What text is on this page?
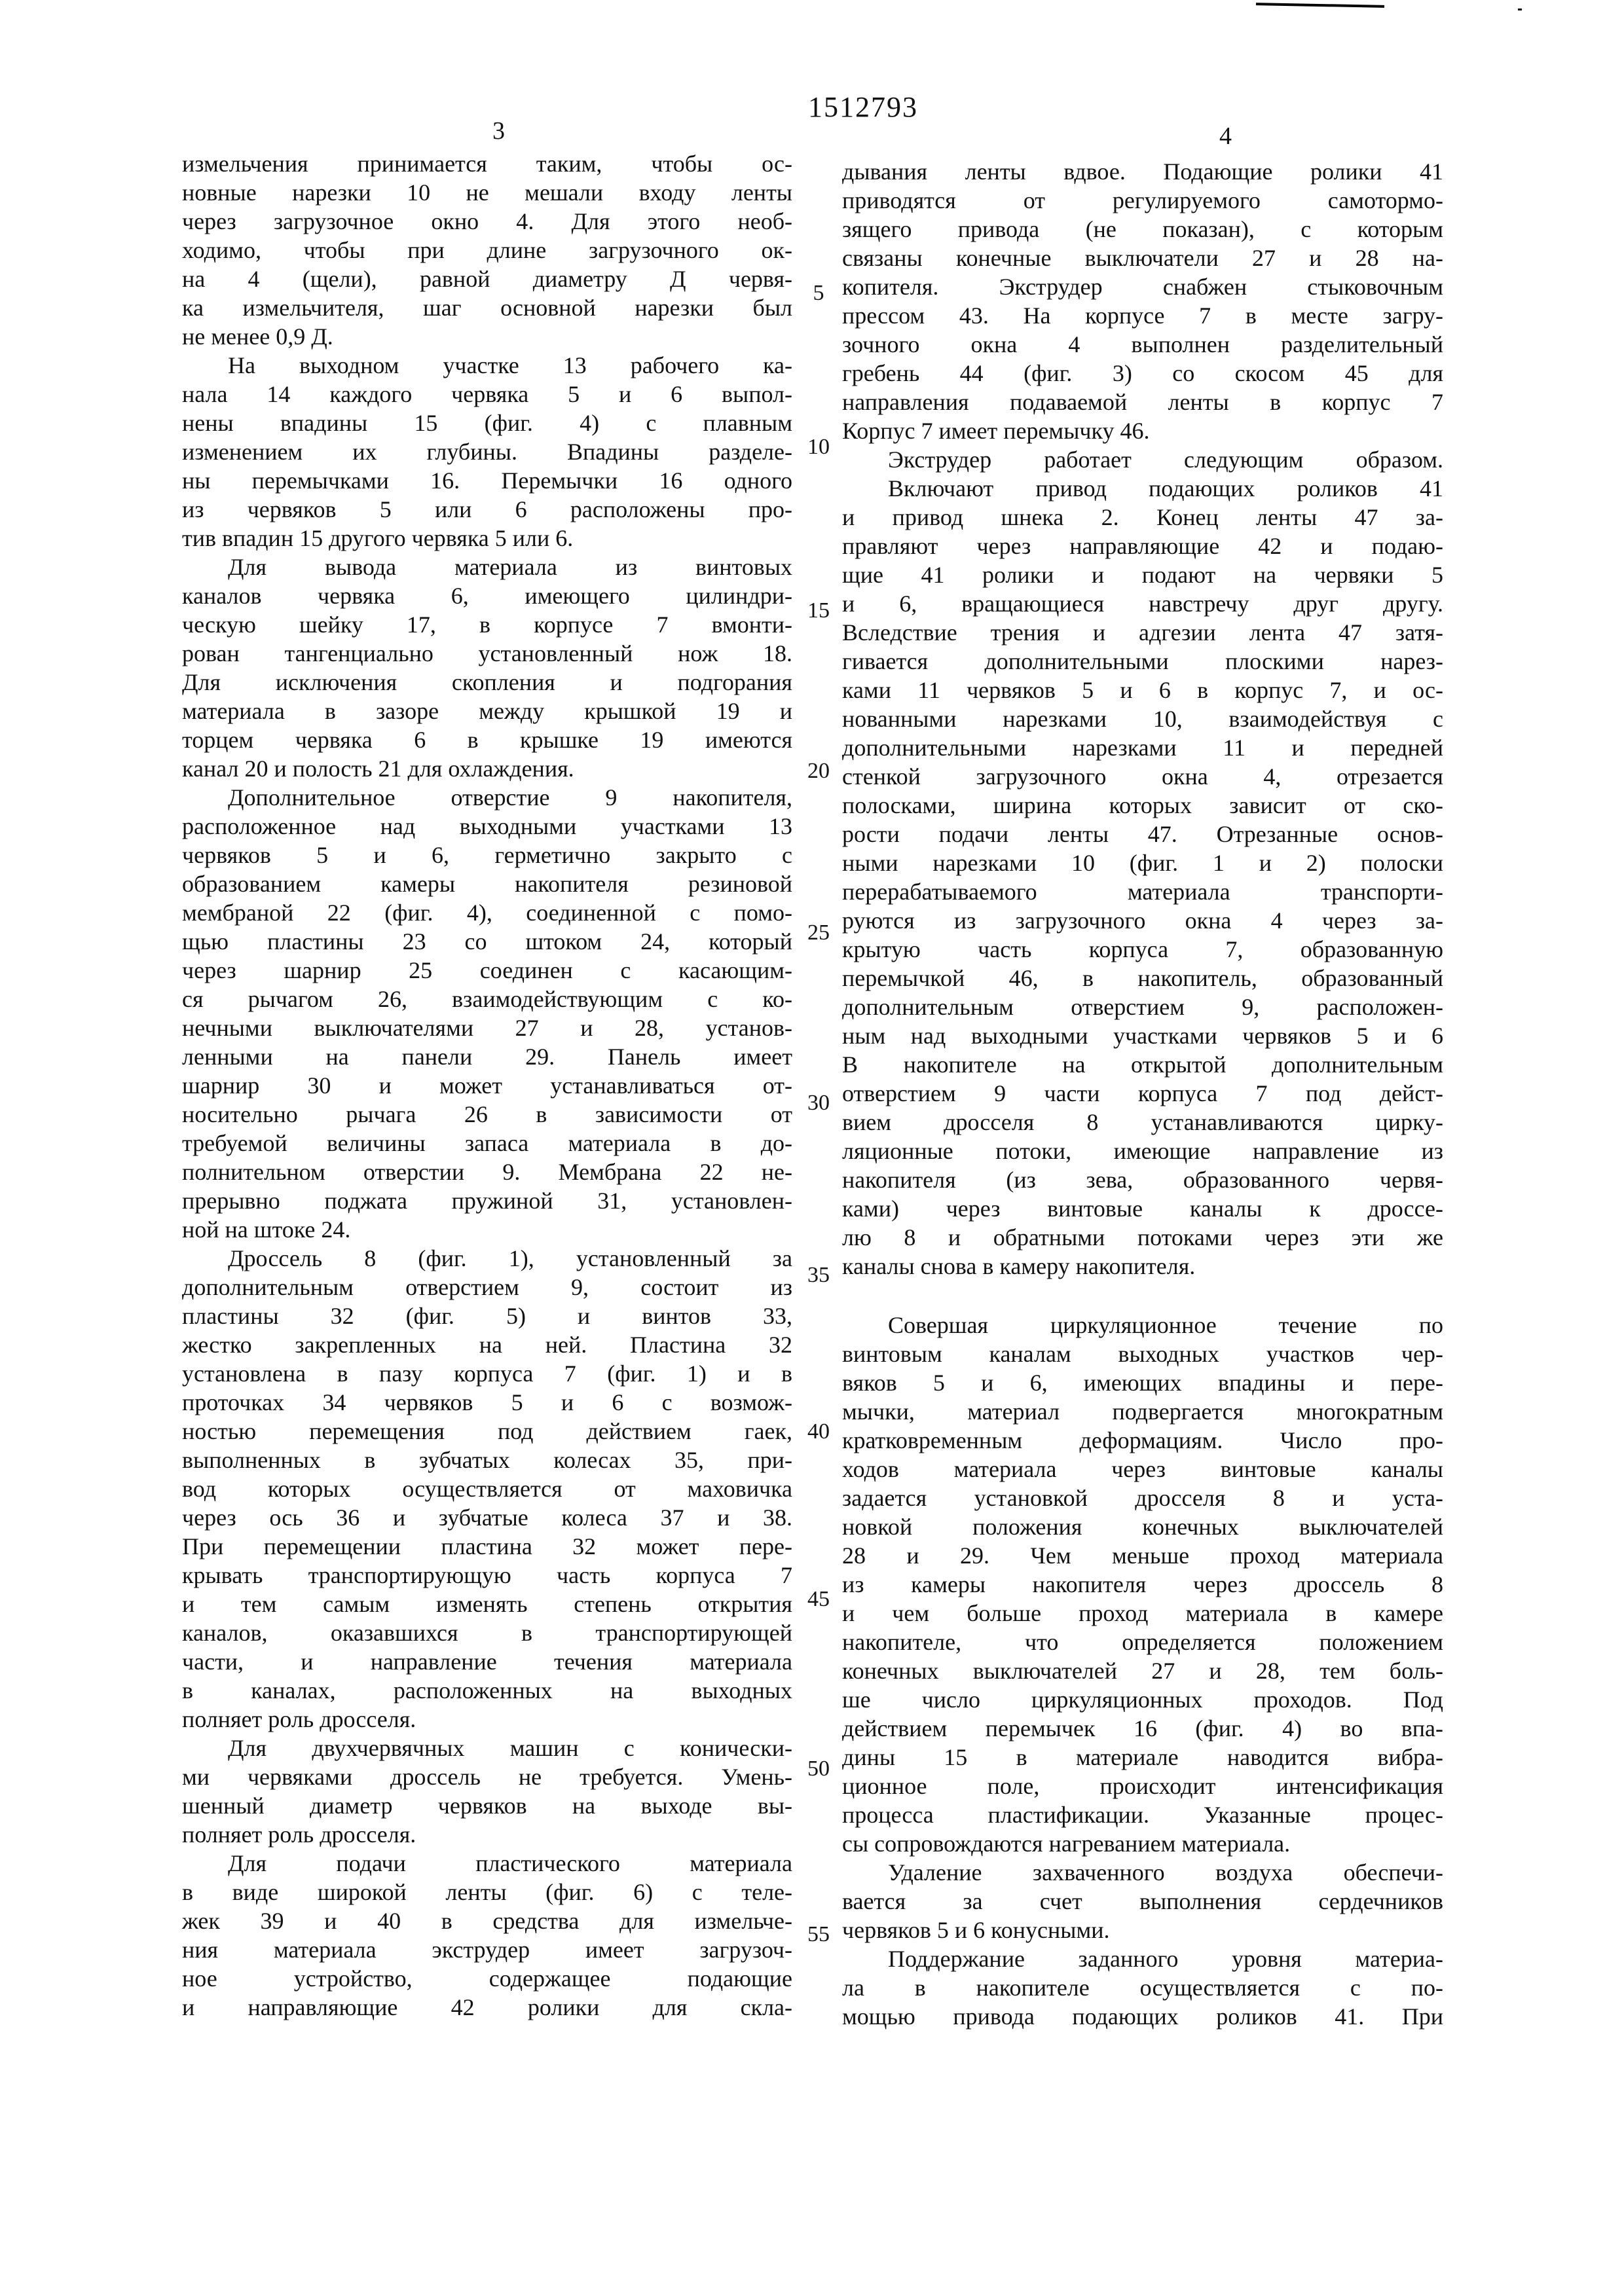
1512793
3	4
измельчения принимается таким, чтобы ос-
новные нарезки 10 не мешали входу ленты
через загрузочное окно 4. Для этого необ-
ходимо, чтобы при длине загрузочного ок-
на 4 (щели), равной диаметру Д червя-
ка измельчителя, шаг основной нарезки был
не менее 0,9 Д.
На выходном участке 13 рабочего ка-
нала 14 каждого червяка 5 и 6 выпол-
нены впадины 15 (фиг. 4) с плавным
изменением их глубины. Впадины разделе-
ны перемычками 16. Перемычки 16 одного
из червяков 5 или 6 расположены про-
тив впадин 15 другого червяка 5 или 6.
Для вывода материала из винтовых
каналов червяка 6, имеющего цилиндри-
ческую шейку 17, в корпусе 7 вмонти-
рован тангенциально установленный нож 18.
Для исключения скопления и подгорания
материала в зазоре между крышкой 19 и
торцем червяка 6 в крышке 19 имеются
канал 20 и полость 21 для охлаждения.
Дополнительное отверстие 9 накопителя,
расположенное над выходными участками 13
червяков 5 и 6, герметично закрыто с
образованием камеры накопителя резиновой
мембраной 22 (фиг. 4), соединенной с помо-
щью пластины 23 со штоком 24, который
через шарнир 25 соединен с касающим-
ся рычагом 26, взаимодействующим с ко-
нечными выключателями 27 и 28, установ-
ленными на панели 29. Панель имеет
шарнир 30 и может устанавливаться от-
носительно рычага 26 в зависимости от
требуемой величины запаса материала в до-
полнительном отверстии 9. Мембрана 22 не-
прерывно поджата пружиной 31, установлен-
ной на штоке 24.
Дроссель 8 (фиг. 1), установленный за
дополнительным отверстием 9, состоит из
пластины 32 (фиг. 5) и винтов 33,
жестко закрепленных на ней. Пластина 32
установлена в пазу корпуса 7 (фиг. 1) и в
проточках 34 червяков 5 и 6 с возмож-
ностью перемещения под действием гаек,
выполненных в зубчатых колесах 35, при-
вод которых осуществляется от маховичка
через ось 36 и зубчатые колеса 37 и 38.
При перемещении пластина 32 может пере-
крывать транспортирующую часть корпуса 7
и тем самым изменять степень открытия
каналов, оказавшихся в транспортирующей
части, и направление течения материала
в каналах, расположенных на выходных
полняет роль дросселя.
Для двухчервячных машин с конически-
ми червяками дроссель не требуется. Умень-
шенный диаметр червяков на выходе вы-
полняет роль дросселя.
Для подачи пластического материала
в виде широкой ленты (фиг. 6) с теле-
жек 39 и 40 в средства для измельче-
ния материала экструдер имеет загрузоч-
ное устройство, содержащее подающие
и направляющие 42 ролики для скла-
дывания ленты вдвое. Подающие ролики 41
приводятся от регулируемого самотормо-
зящего привода (не показан), с которым
связаны конечные выключатели 27 и 28 на-
копителя. Экструдер снабжен стыковочным
прессом 43. На корпусе 7 в месте загру-
зочного окна 4 выполнен разделительный
гребень 44 (фиг. 3) со скосом 45 для
направления подаваемой ленты в корпус 7
Корпус 7 имеет перемычку 46.
Экструдер работает следующим образом.
Включают привод подающих роликов 41
и привод шнека 2. Конец ленты 47 за-
правляют через направляющие 42 и подаю-
щие 41 ролики и подают на червяки 5
и 6, вращающиеся навстречу друг другу.
Вследствие трения и адгезии лента 47 затя-
гивается дополнительными плоскими нарез-
ками 11 червяков 5 и 6 в корпус 7, и ос-
нованными нарезками 10, взаимодействуя с
дополнительными нарезками 11 и передней
стенкой загрузочного окна 4, отрезается
полосками, ширина которых зависит от ско-
рости подачи ленты 47. Отрезанные основ-
ными нарезками 10 (фиг. 1 и 2) полоски
перерабатываемого материала транспорти-
руются из загрузочного окна 4 через за-
крытую часть корпуса 7, образованную
перемычкой 46, в накопитель, образованный
дополнительным отверстием 9, расположен-
ным над выходными участками червяков 5 и 6
В накопителе на открытой дополнительным
отверстием 9 части корпуса 7 под дейст-
вием дросселя 8 устанавливаются цирку-
ляционные потоки, имеющие направление из
накопителя (из зева, образованного червя-
ками) через винтовые каналы к дроссе-
лю 8 и обратными потоками через эти же
каналы снова в камеру накопителя.
Совершая циркуляционное течение по
винтовым каналам выходных участков чер-
вяков 5 и 6, имеющих впадины и пере-
мычки, материал подвергается многократным
кратковременным деформациям. Число про-
ходов материала через винтовые каналы
задается установкой дросселя 8 и уста-
новкой положения конечных выключателей
28 и 29. Чем меньше проход материала
из камеры накопителя через дроссель 8
и чем больше проход материала в камере
накопителе, что определяется положением
конечных выключателей 27 и 28, тем боль-
ше число циркуляционных проходов. Под
действием перемычек 16 (фиг. 4) во впа-
дины 15 в материале наводится вибра-
ционное поле, происходит интенсификация
процесса пластификации. Указанные процес-
сы сопровождаются нагреванием материала.
Удаление захваченного воздуха обеспечи-
вается за счет выполнения сердечников
червяков 5 и 6 конусными.
Поддержание заданного уровня материа-
ла в накопителе осуществляется с по-
мощью привода подающих роликов 41. При
5
10
15
20
25
30
35
40
45
50
55
